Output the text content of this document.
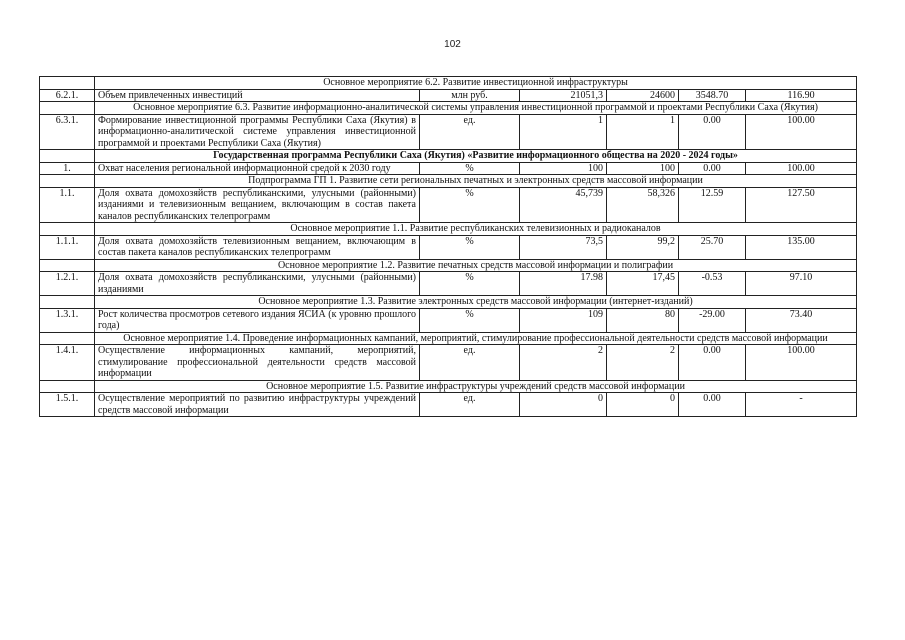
102
	Основное мероприятие 6.2. Развитие инвестиционной инфраструктуры					
6.2.1.	Объем привлеченных инвестиций	млн руб.	21051,3	24600	3548.70	116.90
	Основное мероприятие 6.3. Развитие информационно-аналитической системы управления инвестиционной программой и проектами Республики Саха (Якутия)					
6.3.1.	Формирование инвестиционной программы Республики Саха (Якутия) в информационно-аналитической системе управления инвестиционной программой и проектами Республики Саха (Якутия)	ед.	1	1	0.00	100.00
	Государственная программа Республики Саха (Якутия) «Развитие информационного общества на 2020 - 2024 годы»					
1.	Охват населения региональной информационной средой к 2030 году	%	100	100	0.00	100.00
	Подпрограмма ГП 1. Развитие сети региональных печатных и электронных средств массовой информации					
1.1.	Доля охвата домохозяйств республиканскими, улусными (районными) изданиями и телевизионным вещанием, включающим в состав пакета каналов республиканских телепрограмм	%	45,739	58,326	12.59	127.50
	Основное мероприятие 1.1. Развитие республиканских телевизионных и радиоканалов					
1.1.1.	Доля охвата домохозяйств телевизионным вещанием, включающим в состав пакета каналов республиканских телепрограмм	%	73,5	99,2	25.70	135.00
	Основное мероприятие 1.2. Развитие печатных средств массовой информации и полиграфии					
1.2.1.	Доля охвата домохозяйств республиканскими, улусными (районными) изданиями	%	17.98	17,45	-0.53	97.10
	Основное мероприятие 1.3. Развитие электронных средств массовой информации (интернет-изданий)					
1.3.1.	Рост количества просмотров сетевого издания ЯСИА (к уровню прошлого года)	%	109	80	-29.00	73.40
	Основное мероприятие 1.4. Проведение информационных кампаний, мероприятий, стимулирование профессиональной деятельности средств массовой информации					
1.4.1.	Осуществление информационных кампаний, мероприятий, стимулирование профессиональной деятельности средств массовой информации	ед.	2	2	0.00	100.00
	Основное мероприятие 1.5. Развитие инфраструктуры учреждений средств массовой информации					
1.5.1.	Осуществление мероприятий по развитию инфраструктуры учреждений средств массовой информации	ед.	0	0	0.00	-
